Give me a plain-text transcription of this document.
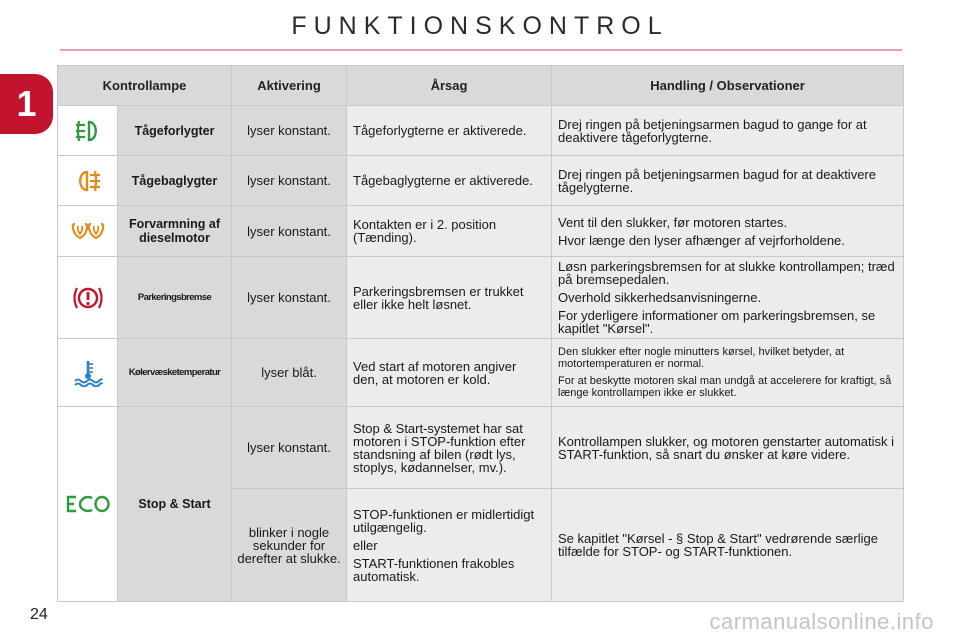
FUNKTIONSKONTROL
1	Kontrollampe		Aktivering	Årsag	Handling / Observationer

	Tågeforlygter	lyser konstant.	Tågeforlygterne er aktiverede.	Drej ringen på betjeningsarmen bagud to gange for at deaktivere tågeforlygterne.

	Tågebaglygter	lyser konstant.	Tågebaglygterne er aktiverede.	Drej ringen på betjeningsarmen bagud for at deaktivere tågelygterne.

	Forvarmning af dieselmotor	lyser konstant.	Kontakten er i 2. position (Tænding).	Vent til den slukker, før motoren startes.

Hvor længe den lyser afhænger af vejrforholdene.

	Parkeringsbremse	lyser konstant.	Parkeringsbremsen er trukket eller ikke helt løsnet.	Løsn parkeringsbremsen for at slukke kontrollampen; træd på bremsepedalen.

Overhold sikkerhedsanvisningerne.

For yderligere informationer om parkeringsbremsen, se kapitlet "Kørsel".

	Kølervæsketemperatur	lyser blåt.	Ved start af motoren angiver den, at motoren er kold.	Den slukker efter nogle minutters kørsel, hvilket betyder, at motortemperaturen er normal.

For at beskytte motoren skal man undgå at accelerere for kraftigt, så længe kontrollampen ikke er slukket.

	Stop & Start	lyser konstant.	Stop & Start-systemet har sat motoren i STOP-funktion efter standsning af bilen (rødt lys, stoplys, kødannelser, mv.).	Kontrollampen slukker, og motoren genstarter automatisk i START-funktion, så snart du ønsker at køre videre.
		blinker i nogle sekunder for derefter at slukke.	STOP-funktionen er midlertidigt utilgængelig.

eller

START-funktionen frakobles automatisk.	Se kapitlet "Kørsel - § Stop & Start" vedrørende særlige tilfælde for STOP- og START-funktionen.
24	carmanualsonline.info
